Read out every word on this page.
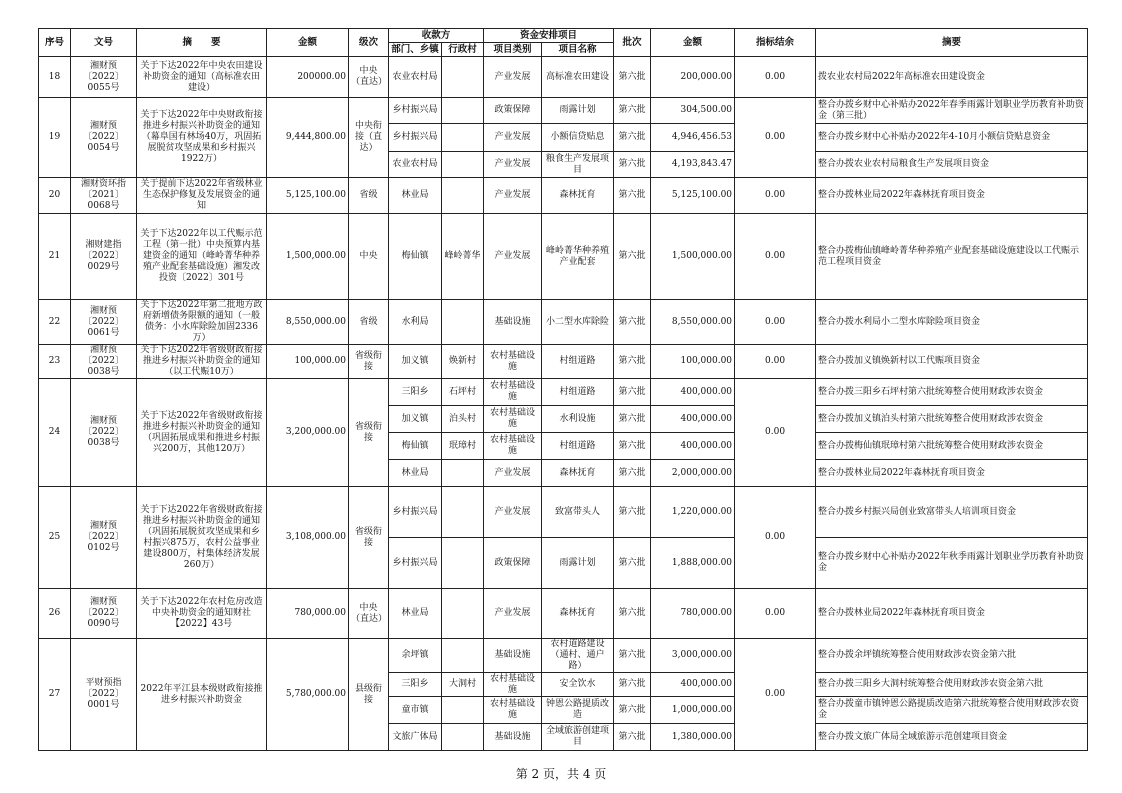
序号	文号	摘　　要	金额	级次	收款方		资金安排项目		批次	金额	指标结余	摘要
					部门、乡镇	行政村	项目类别	项目名称				
18	湘财预〔2022〕0055号	关于下达2022年中央农田建设补助资金的通知（高标准农田建设）	200000.00	中央（直达）	农业农村局		产业发展	高标准农田建设	第六批	200,000.00	0.00	拨农业农村局2022年高标准农田建设资金
19	湘财预〔2022〕0054号	关于下达2022年中央财政衔接推进乡村振兴补助资金的通知（幕阜国有林场40万，巩固拓展脱贫攻坚成果和乡村振兴1922万）	9,444,800.00	中央衔接（直达）	乡村振兴局		政策保障	雨露计划	第六批	304,500.00	0.00	整合办拨乡财中心补贴办2022年春季雨露计划职业学历教育补助资金（第三批）
					乡村振兴局		产业发展	小额信贷贴息	第六批	4,946,456.53		整合办拨乡财中心补贴办2022年4-10月小额信贷贴息资金
					农业农村局		产业发展	粮食生产发展项目	第六批	4,193,843.47		整合办拨农业农村局粮食生产发展项目资金
20	湘财资环指〔2021〕0068号	关于提前下达2022年省级林业生态保护修复及发展资金的通知	5,125,100.00	省级	林业局		产业发展	森林抚育	第六批	5,125,100.00	0.00	整合办拨林业局2022年森林抚育项目资金
21	湘财建指〔2022〕0029号	关于下达2022年以工代赈示范工程（第一批）中央预算内基建资金的通知（峰岭菁华种养殖产业配套基础设施）湘发改投资〔2022〕301号	1,500,000.00	中央	梅仙镇	峰岭菁华	产业发展	峰岭菁华种养殖产业配套	第六批	1,500,000.00	0.00	整合办拨梅仙镇峰岭菁华种养殖产业配套基础设施建设以工代赈示范工程项目资金
22	湘财预〔2022〕0061号	关于下达2022年第二批地方政府新增债务限额的通知（一般债务：小水库除险加固2336万）	8,550,000.00	省级	水利局		基础设施	小二型水库除险	第六批	8,550,000.00	0.00	整合办拨水利局小二型水库除险项目资金
23	湘财预〔2022〕0038号	关于下达2022年省级财政衔接推进乡村振兴补助资金的通知（以工代赈10万）	100,000.00	省级衔接	加义镇	焕新村	农村基础设施	村组道路	第六批	100,000.00	0.00	整合办拨加义镇焕新村以工代赈项目资金
24	湘财预〔2022〕0038号	关于下达2022年省级财政衔接推进乡村振兴补助资金的通知（巩固拓展成果和推进乡村振兴200万，其他120万）	3,200,000.00	省级衔接	三阳乡	石坪村	农村基础设施	村组道路	第六批	400,000.00	0.00	整合办拨三阳乡石坪村第六批统筹整合使用财政涉农资金
					加义镇	泊头村	农村基础设施	水利设施	第六批	400,000.00		整合办拨加义镇泊头村第六批统筹整合使用财政涉农资金
					梅仙镇	珉璋村	农村基础设施	村组道路	第六批	400,000.00		整合办拨梅仙镇珉璋村第六批统筹整合使用财政涉农资金
					林业局		产业发展	森林抚育	第六批	2,000,000.00		整合办拨林业局2022年森林抚育项目资金
25	湘财预〔2022〕0102号	关于下达2022年省级财政衔接推进乡村振兴补助资金的通知（巩固拓展脱贫攻坚成果和乡村振兴875万，农村公益事业建设800万，村集体经济发展260万）	3,108,000.00	省级衔接	乡村振兴局		产业发展	致富带头人	第六批	1,220,000.00	0.00	整合办拨乡村振兴局创业致富带头人培训项目资金
					乡村振兴局		政策保障	雨露计划	第六批	1,888,000.00		整合办拨乡财中心补贴办2022年秋季雨露计划职业学历教育补助资金
26	湘财预〔2022〕0090号	关于下达2022年农村危房改造中央补助资金的通知财社【2022】43号	780,000.00	中央（直达）	林业局		产业发展	森林抚育	第六批	780,000.00	0.00	整合办拨林业局2022年森林抚育项目资金
27	平财预指〔2022〕0001号	2022年平江县本级财政衔接推进乡村振兴补助资金	5,780,000.00	县级衔接	余坪镇		基础设施	农村道路建设（通村、通户路）	第六批	3,000,000.00	0.00	整合办拨余坪镇统筹整合使用财政涉农资金第六批
					三阳乡	大洞村	农村基础设施	安全饮水	第六批	400,000.00		整合办拨三阳乡大洞村统筹整合使用财政涉农资金第六批
					童市镇		农村基础设施	钟恩公路提质改造	第六批	1,000,000.00		整合办拨童市镇钟恩公路提质改造第六批统筹整合使用财政涉农资金
					文旅广体局		基础设施	全域旅游创建项目	第六批	1,380,000.00		整合办拨文旅广体局全域旅游示范创建项目资金
第 2 页，共 4 页
